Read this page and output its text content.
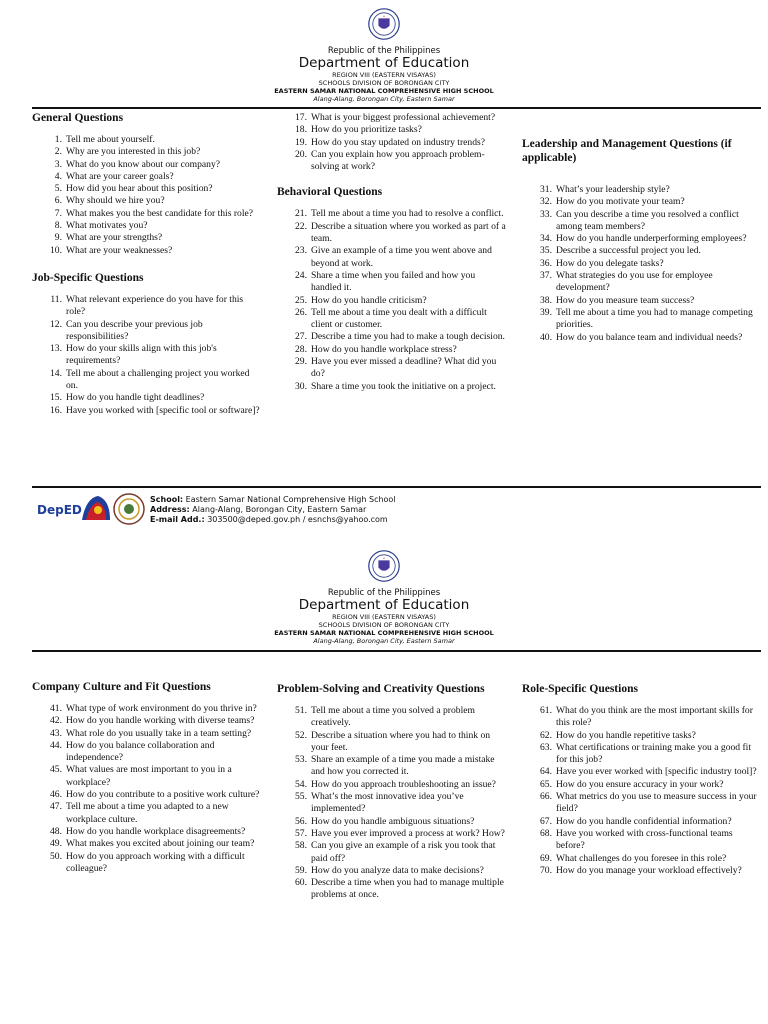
Republic of the Philippines
Department of Education
REGION VIII (EASTERN VISAYAS)
SCHOOLS DIVISION OF BORONGAN CITY
EASTERN SAMAR NATIONAL COMPREHENSIVE HIGH SCHOOL
Alang-Alang, Borongan City, Eastern Samar
General Questions
1. Tell me about yourself.
2. Why are you interested in this job?
3. What do you know about our company?
4. What are your career goals?
5. How did you hear about this position?
6. Why should we hire you?
7. What makes you the best candidate for this role?
8. What motivates you?
9. What are your strengths?
10. What are your weaknesses?
Job-Specific Questions
11. What relevant experience do you have for this role?
12. Can you describe your previous job responsibilities?
13. How do your skills align with this job's requirements?
14. Tell me about a challenging project you worked on.
15. How do you handle tight deadlines?
16. Have you worked with [specific tool or software]?
17. What is your biggest professional achievement?
18. How do you prioritize tasks?
19. How do you stay updated on industry trends?
20. Can you explain how you approach problem-solving at work?
Behavioral Questions
21. Tell me about a time you had to resolve a conflict.
22. Describe a situation where you worked as part of a team.
23. Give an example of a time you went above and beyond at work.
24. Share a time when you failed and how you handled it.
25. How do you handle criticism?
26. Tell me about a time you dealt with a difficult client or customer.
27. Describe a time you had to make a tough decision.
28. How do you handle workplace stress?
29. Have you ever missed a deadline? What did you do?
30. Share a time you took the initiative on a project.
Leadership and Management Questions (if applicable)
31. What’s your leadership style?
32. How do you motivate your team?
33. Can you describe a time you resolved a conflict among team members?
34. How do you handle underperforming employees?
35. Describe a successful project you led.
36. How do you delegate tasks?
37. What strategies do you use for employee development?
38. How do you measure team success?
39. Tell me about a time you had to manage competing priorities.
40. How do you balance team and individual needs?
DepED
School: Eastern Samar National Comprehensive High School
Address: Alang-Alang, Borongan City, Eastern Samar
E-mail Add.: 303500@deped.gov.ph / esnchs@yahoo.com
Republic of the Philippines
Department of Education
REGION VIII (EASTERN VISAYAS)
SCHOOLS DIVISION OF BORONGAN CITY
EASTERN SAMAR NATIONAL COMPREHENSIVE HIGH SCHOOL
Alang-Alang, Borongan City, Eastern Samar
Company Culture and Fit Questions
41. What type of work environment do you thrive in?
42. How do you handle working with diverse teams?
43. What role do you usually take in a team setting?
44. How do you balance collaboration and independence?
45. What values are most important to you in a workplace?
46. How do you contribute to a positive work culture?
47. Tell me about a time you adapted to a new workplace culture.
48. How do you handle workplace disagreements?
49. What makes you excited about joining our team?
50. How do you approach working with a difficult colleague?
Problem-Solving and Creativity Questions
51. Tell me about a time you solved a problem creatively.
52. Describe a situation where you had to think on your feet.
53. Share an example of a time you made a mistake and how you corrected it.
54. How do you approach troubleshooting an issue?
55. What’s the most innovative idea you’ve implemented?
56. How do you handle ambiguous situations?
57. Have you ever improved a process at work? How?
58. Can you give an example of a risk you took that paid off?
59. How do you analyze data to make decisions?
60. Describe a time when you had to manage multiple problems at once.
Role-Specific Questions
61. What do you think are the most important skills for this role?
62. How do you handle repetitive tasks?
63. What certifications or training make you a good fit for this job?
64. Have you ever worked with [specific industry tool]?
65. How do you ensure accuracy in your work?
66. What metrics do you use to measure success in your field?
67. How do you handle confidential information?
68. Have you worked with cross-functional teams before?
69. What challenges do you foresee in this role?
70. How do you manage your workload effectively?
